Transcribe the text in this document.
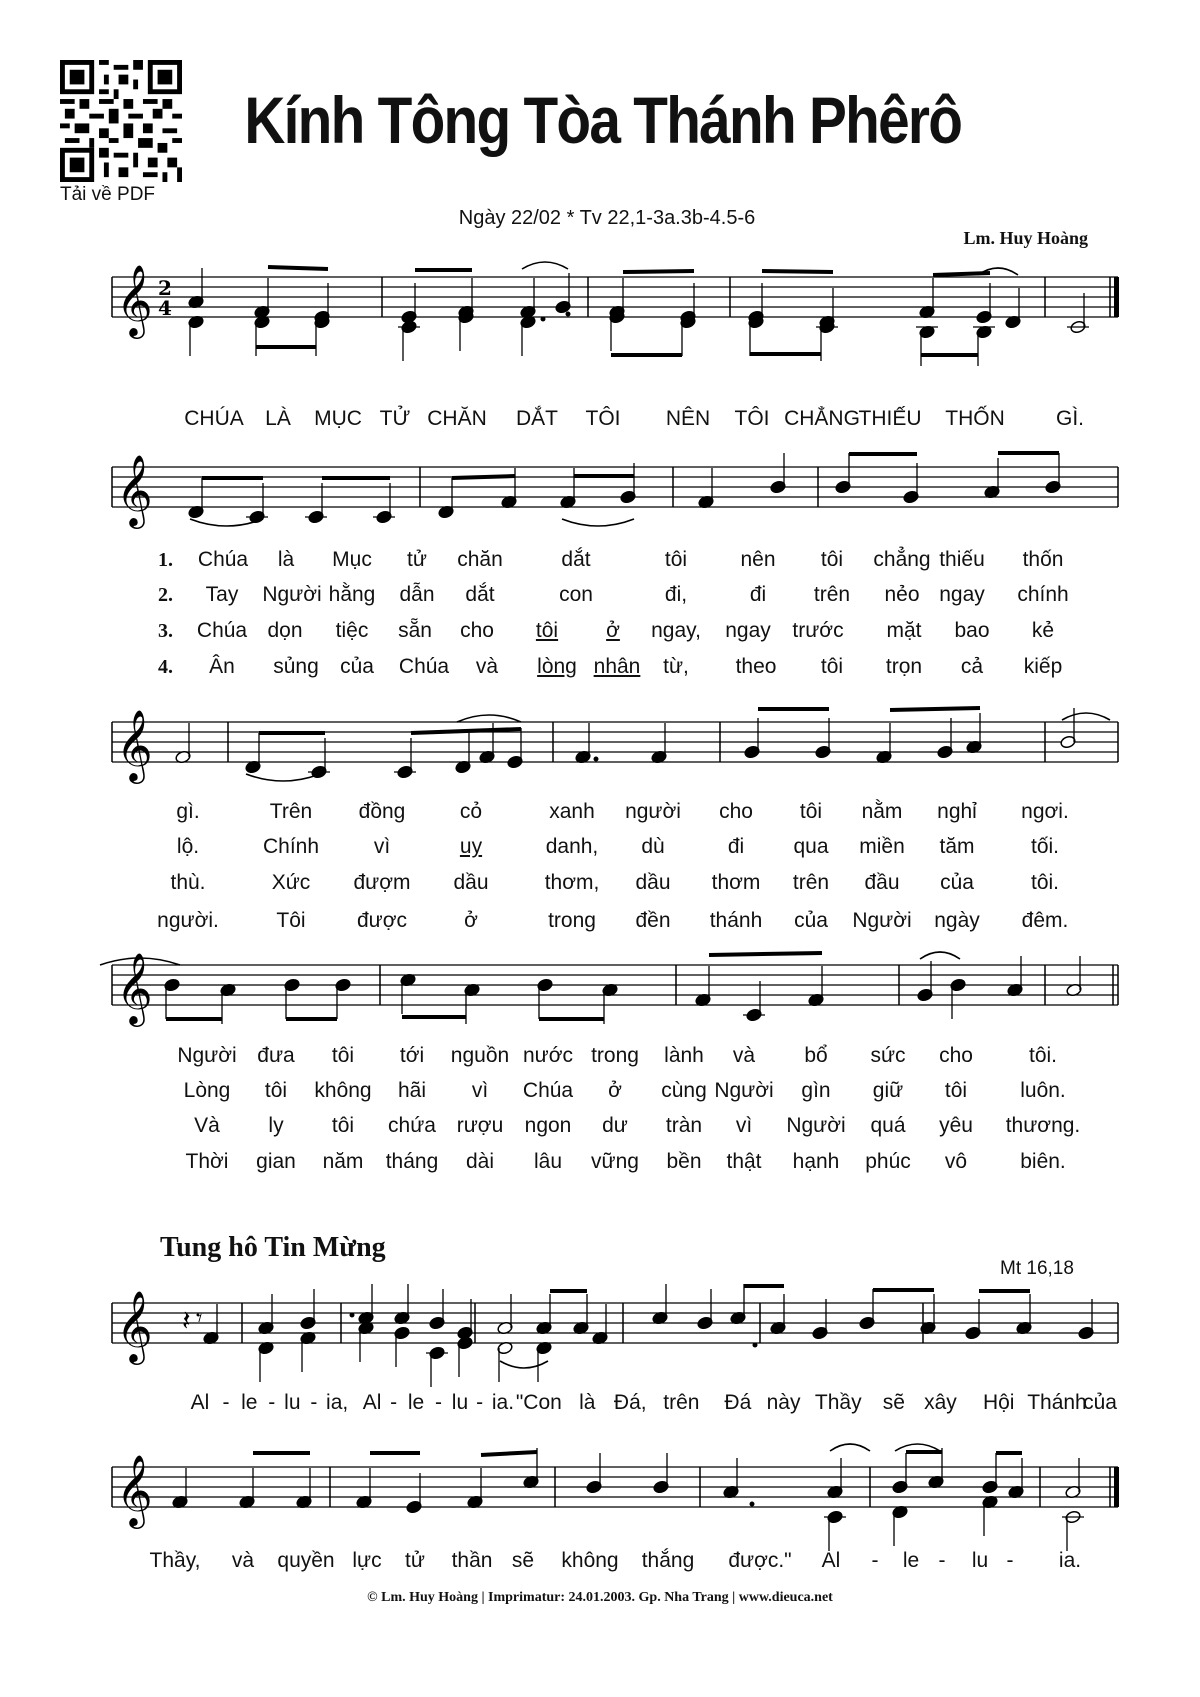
Tải về PDF
Kính Tông Tòa Thánh Phêrô
Ngày 22/02 * Tv 22,1-3a.3b-4.5-6
Lm. Huy Hoàng
𝄞 2
4
𝄞
𝄞
𝄞
𝄞
𝄞
𝄽 𝄾
CHÚA LÀ MỤC TỬ CHĂN DẮT TÔI NÊN TÔI CHẲNG
THIẾU THỐN GÌ.
1.
2.
3.
4.
Chúa là Mục tử chăn	dắt	tôi	nên tôi chẳng thiếu thốn
Tay Người hằng dẫn dắt	con	đi,	đi trên nẻo ngay chính
Chúa dọn tiệc sẵn cho tôi ở ngay, ngay trước mặt bao kẻ
Ân sủng của Chúa và lòng nhân từ, theo tôi trọn cả kiếp
gì.	Trên đồng	cỏ	xanh người cho tôi nằm nghỉ ngơi.
lộ.	Chính	vì	uy	danh, dù	đi qua miền tăm	tối.
thù.	Xức đượm dầu	thơm, dầu thơm trên đầu của	tôi.
người.	Tôi được	ở	trong đền thánh của Người ngày đêm.
Người đưa tôi tới nguồn nước trong lành và bổ sức cho	tôi.
Lòng tôi không hãi vì Chúa ở cùng Người gìn giữ tôi	luôn.
Và ly tôi chứa rượu ngon dư tràn vì Người quá yêu thương.
Thời gian năm tháng dài lâu vững bền thật hạnh phúc vô	biên.
Al - le - lu - ia, Al - le - lu - ia. "Con là Đá, trên Đá này Thầy sẽ xây Hội Thánh
của
Thầy, và quyền lực tử thần sẽ không thắng được." Al - le - lu - ia.
Tung hô Tin Mừng
Mt 16,18
© Lm. Huy Hoàng | Imprimatur: 24.01.2003. Gp. Nha Trang | www.dieuca.net
